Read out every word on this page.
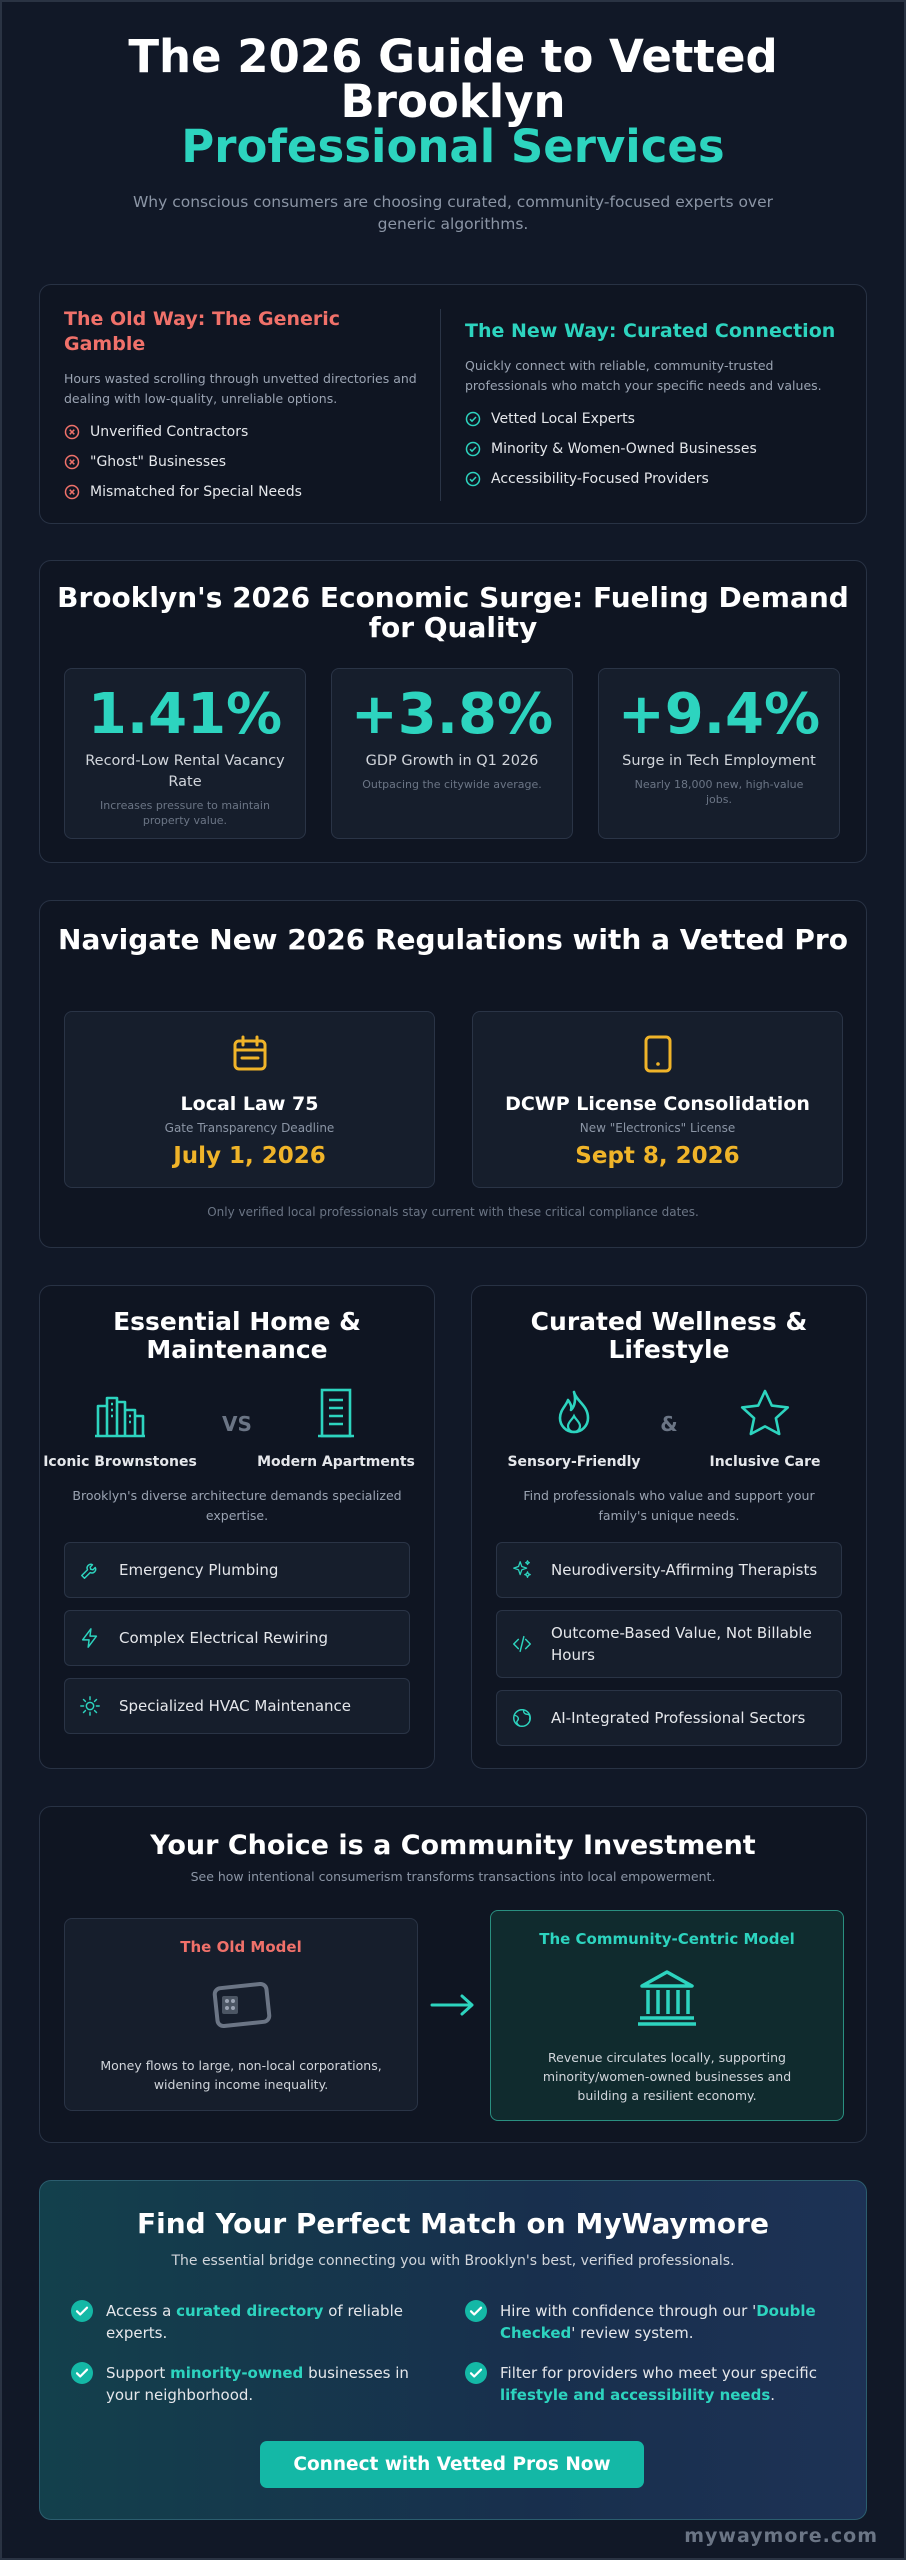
The 2026 Guide to Vetted
Brooklyn
Professional Services
Why conscious consumers are choosing curated, community-focused experts over generic algorithms.
The Old Way: The Generic Gamble

Hours wasted scrolling through unvetted directories and dealing with low-quality, unreliable options.

Unverified Contractors
"Ghost" Businesses
Mismatched for Special Needs
The New Way: Curated Connection

Quickly connect with reliable, community-trusted professionals who match your specific needs and values.

Vetted Local Experts
Minority & Women-Owned Businesses
Accessibility-Focused Providers
Brooklyn's 2026 Economic Surge: Fueling Demand for Quality
1.41%
Record-Low Rental Vacancy Rate
Increases pressure to maintain property value.
+3.8%
GDP Growth in Q1 2026
Outpacing the citywide average.
+9.4%
Surge in Tech Employment
Nearly 18,000 new, high-value jobs.
Navigate New 2026 Regulations with a Vetted Pro
Local Law 75
Gate Transparency Deadline
July 1, 2026
DCWP License Consolidation
New "Electronics" License
Sept 8, 2026
Only verified local professionals stay current with these critical compliance dates.
Essential Home & Maintenance
Iconic Brownstones
VS
Modern Apartments
Brooklyn's diverse architecture demands specialized expertise.
Emergency Plumbing
Complex Electrical Rewiring
Specialized HVAC Maintenance
Curated Wellness & Lifestyle
Sensory-Friendly
&
Inclusive Care
Find professionals who value and support your family's unique needs.
Neurodiversity-Affirming Therapists
Outcome-Based Value, Not Billable Hours
AI-Integrated Professional Sectors
Your Choice is a Community Investment
See how intentional consumerism transforms transactions into local empowerment.
The Old Model
Money flows to large, non-local corporations, widening income inequality.
The Community-Centric Model
Revenue circulates locally, supporting minority/women-owned businesses and building a resilient economy.
Find Your Perfect Match on MyWaymore
The essential bridge connecting you with Brooklyn's best, verified professionals.
Access a curated directory of reliable experts.
Hire with confidence through our 'Double Checked' review system.
Support minority-owned businesses in your neighborhood.
Filter for providers who meet your specific lifestyle and accessibility needs.
Connect with Vetted Pros Now
mywaymore.com
